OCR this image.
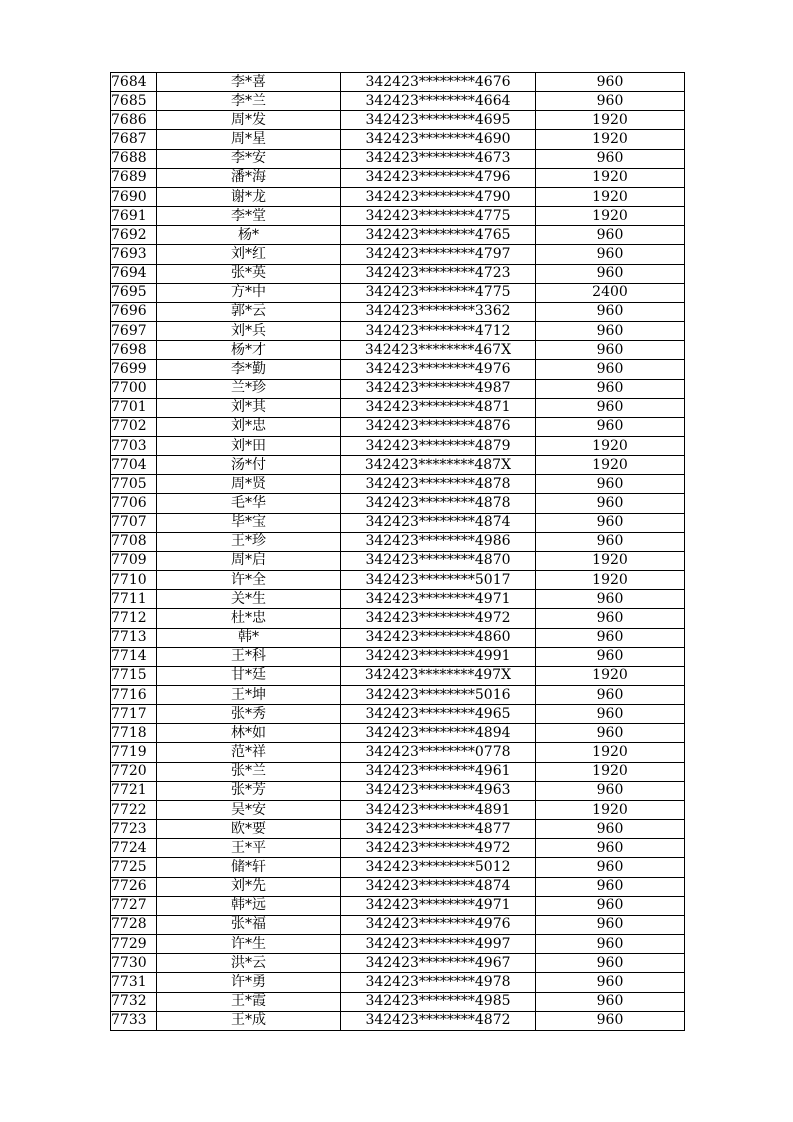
7684	李*喜	342423********4676	960
7685	李*兰	342423********4664	960
7686	周*发	342423********4695	1920
7687	周*星	342423********4690	1920
7688	李*安	342423********4673	960
7689	潘*海	342423********4796	1920
7690	谢*龙	342423********4790	1920
7691	李*堂	342423********4775	1920
7692	杨*	342423********4765	960
7693	刘*红	342423********4797	960
7694	张*英	342423********4723	960
7695	方*中	342423********4775	2400
7696	郭*云	342423********3362	960
7697	刘*兵	342423********4712	960
7698	杨*才	342423********467X	960
7699	李*勤	342423********4976	960
7700	兰*珍	342423********4987	960
7701	刘*其	342423********4871	960
7702	刘*忠	342423********4876	960
7703	刘*田	342423********4879	1920
7704	汤*付	342423********487X	1920
7705	周*贤	342423********4878	960
7706	毛*华	342423********4878	960
7707	毕*宝	342423********4874	960
7708	王*珍	342423********4986	960
7709	周*启	342423********4870	1920
7710	许*全	342423********5017	1920
7711	关*生	342423********4971	960
7712	杜*忠	342423********4972	960
7713	韩*	342423********4860	960
7714	王*科	342423********4991	960
7715	甘*廷	342423********497X	1920
7716	王*坤	342423********5016	960
7717	张*秀	342423********4965	960
7718	林*如	342423********4894	960
7719	范*祥	342423********0778	1920
7720	张*兰	342423********4961	1920
7721	张*芳	342423********4963	960
7722	吴*安	342423********4891	1920
7723	欧*要	342423********4877	960
7724	王*平	342423********4972	960
7725	储*轩	342423********5012	960
7726	刘*先	342423********4874	960
7727	韩*远	342423********4971	960
7728	张*福	342423********4976	960
7729	许*生	342423********4997	960
7730	洪*云	342423********4967	960
7731	许*勇	342423********4978	960
7732	王*霞	342423********4985	960
7733	王*成	342423********4872	960
